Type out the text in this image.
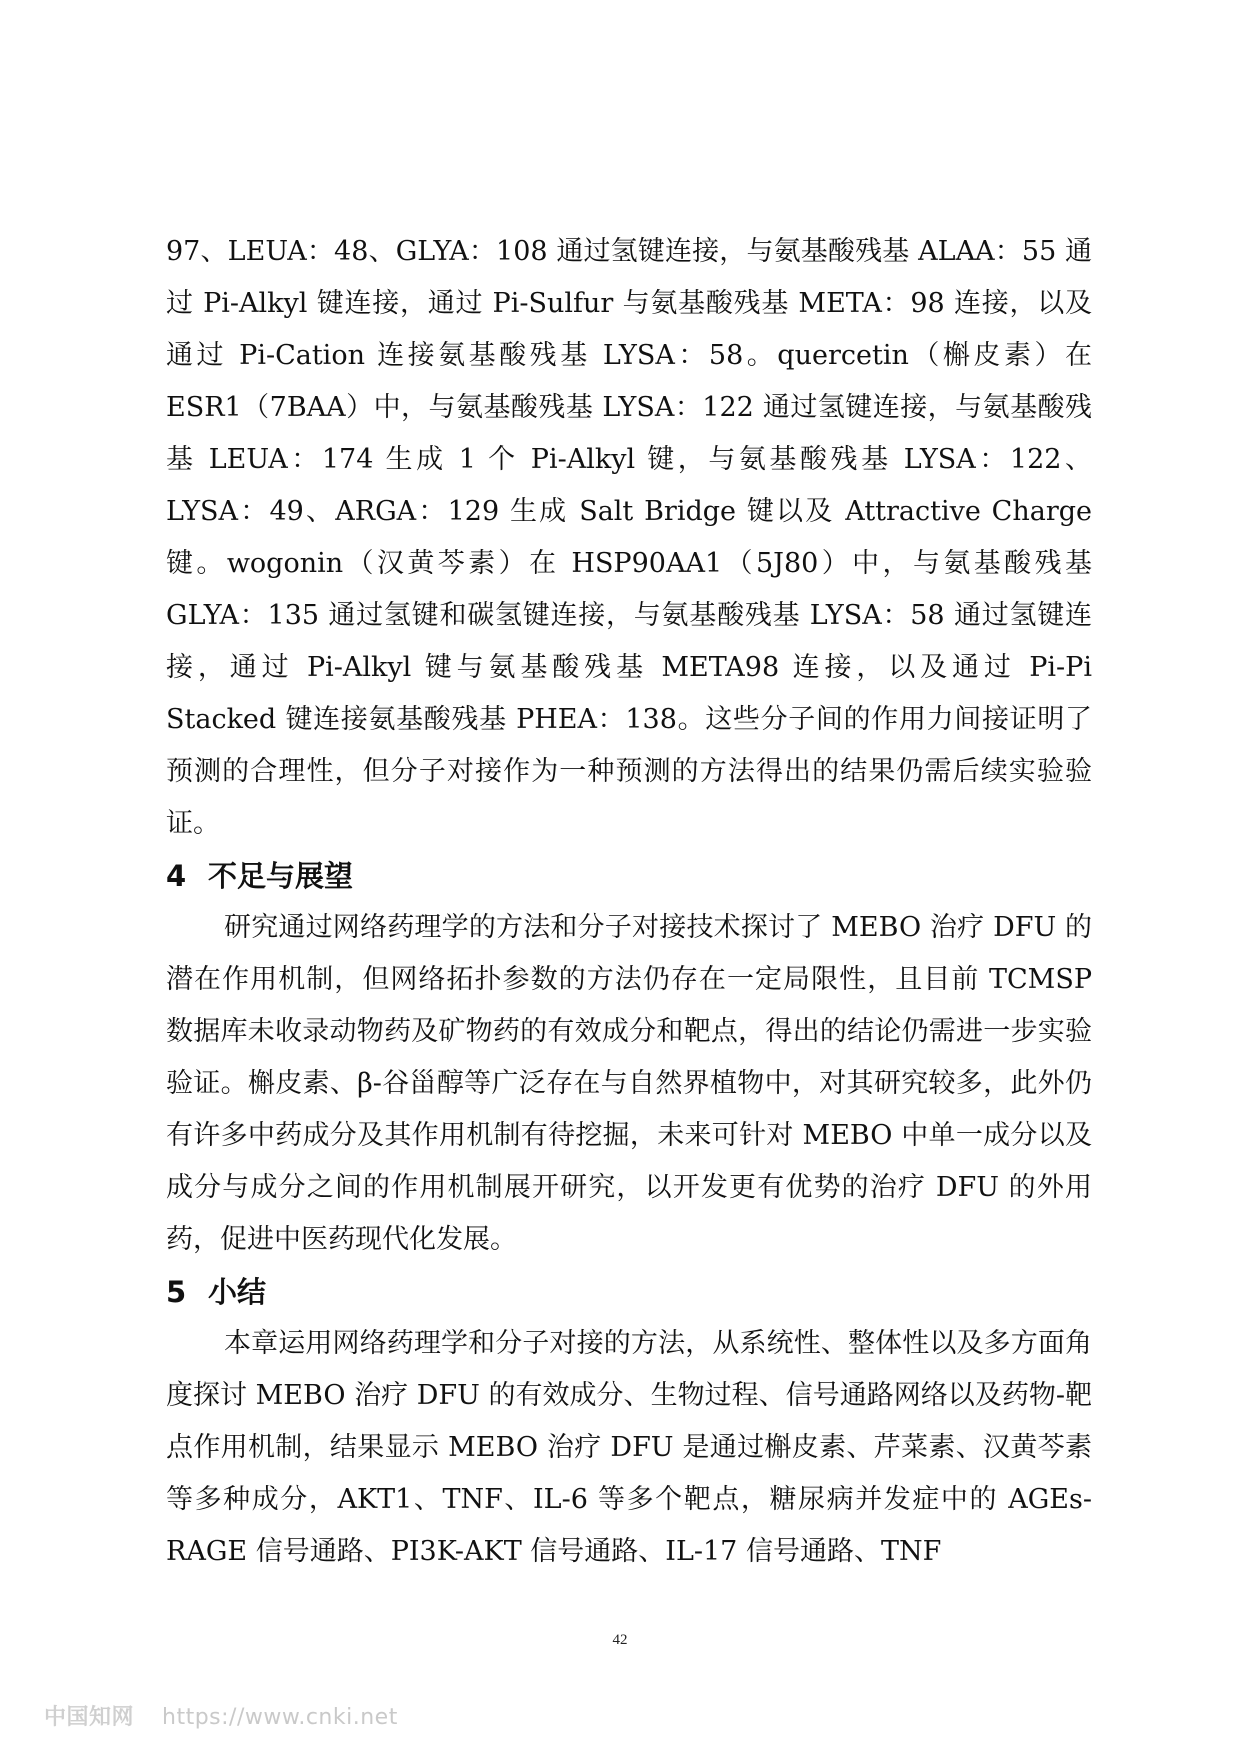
97、LEUA：48、GLYA：108 通过氢键连接，与氨基酸残基 ALAA：55 通过 Pi-Alkyl 键连接，通过 Pi-Sulfur 与氨基酸残基 META：98 连接，以及通过 Pi-Cation 连接氨基酸残基 LYSA：58。quercetin（槲皮素）在 ESR1（7BAA）中，与氨基酸残基 LYSA：122 通过氢键连接，与氨基酸残基 LEUA：174 生成 1 个 Pi-Alkyl 键，与氨基酸残基 LYSA：122、LYSA：49、ARGA：129 生成 Salt Bridge 键以及 Attractive Charge 键。wogonin（汉黄芩素）在 HSP90AA1（5J80）中，与氨基酸残基 GLYA：135 通过氢键和碳氢键连接，与氨基酸残基 LYSA：58 通过氢键连接，通过 Pi-Alkyl 键与氨基酸残基 META98 连接，以及通过 Pi-Pi Stacked 键连接氨基酸残基 PHEA：138。这些分子间的作用力间接证明了预测的合理性，但分子对接作为一种预测的方法得出的结果仍需后续实验验证。

4 不足与展望

研究通过网络药理学的方法和分子对接技术探讨了 MEBO 治疗 DFU 的潜在作用机制，但网络拓扑参数的方法仍存在一定局限性，且目前 TCMSP 数据库未收录动物药及矿物药的有效成分和靶点，得出的结论仍需进一步实验验证。槲皮素、β-谷甾醇等广泛存在与自然界植物中，对其研究较多，此外仍有许多中药成分及其作用机制有待挖掘，未来可针对 MEBO 中单一成分以及成分与成分之间的作用机制展开研究，以开发更有优势的治疗 DFU 的外用药，促进中医药现代化发展。

5 小结

本章运用网络药理学和分子对接的方法，从系统性、整体性以及多方面角度探讨 MEBO 治疗 DFU 的有效成分、生物过程、信号通路网络以及药物-靶点作用机制，结果显示 MEBO 治疗 DFU 是通过槲皮素、芹菜素、汉黄芩素等多种成分，AKT1、TNF、IL-6 等多个靶点，糖尿病并发症中的 AGEs-RAGE 信号通路、PI3K-AKT 信号通路、IL-17 信号通路、TNF

42
中国知网 https://www.cnki.net
